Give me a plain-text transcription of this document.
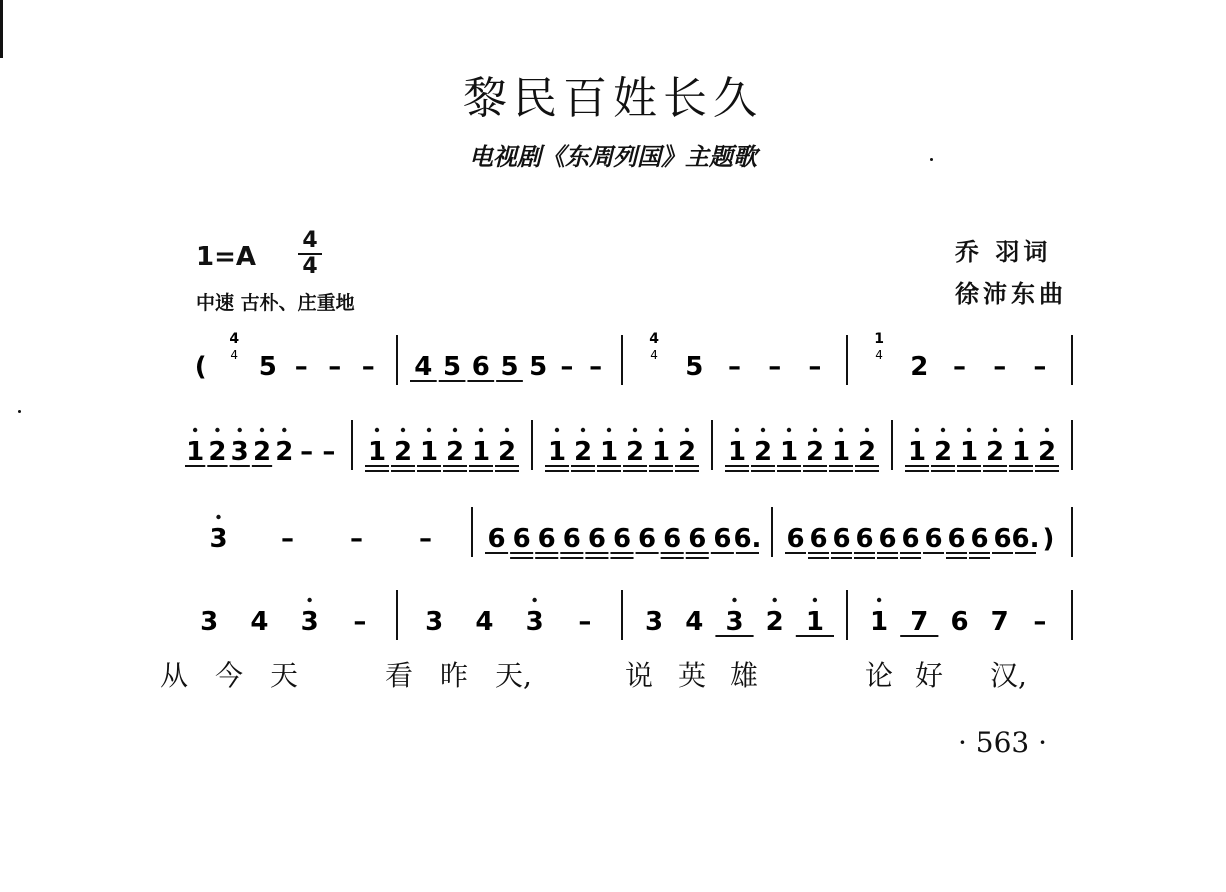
黎民百姓长久
电视剧《东周列国》主题歌
1=A
4
4
中速 古朴、庄重地
乔 羽词
徐沛东曲
(
4
4 5 – – – 4 5 6 5 5 – –
4
4 5 – – –
1
4 2 – – –
1 2 3 2 2 – – 1 2 1 2 1 2 1 2 1 2 1 2 1 2 1 2 1 2 1 2 1 2 1 2
3 – – – 6 6 6 6 6 6 6 6 6 6 6. 6 6 6 6 6 6 6 6 6 6 6. )
3 4 3 – 3 4 3 – 3 4 3 2 1 1 7 6 7 –
从 今 天	看 昨 天,	说 英 雄	论 好 汉,
· 563 ·
